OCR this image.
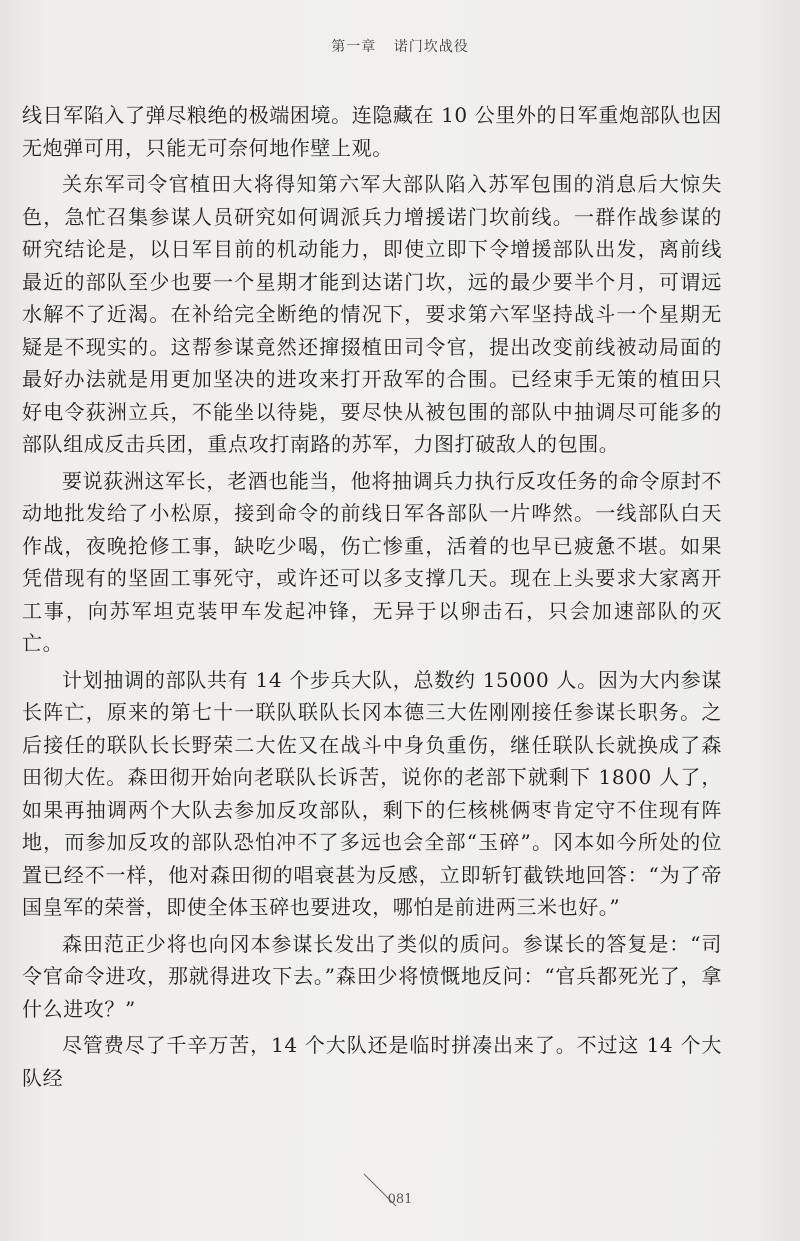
第一章 诺门坎战役

线日军陷入了弹尽粮绝的极端困境。连隐藏在 10 公里外的日军重炮部队也因无炮弹可用，只能无可奈何地作壁上观。

关东军司令官植田大将得知第六军大部队陷入苏军包围的消息后大惊失色，急忙召集参谋人员研究如何调派兵力增援诺门坎前线。一群作战参谋的研究结论是，以日军目前的机动能力，即使立即下令增援部队出发，离前线最近的部队至少也要一个星期才能到达诺门坎，远的最少要半个月，可谓远水解不了近渴。在补给完全断绝的情况下，要求第六军坚持战斗一个星期无疑是不现实的。这帮参谋竟然还撺掇植田司令官，提出改变前线被动局面的最好办法就是用更加坚决的进攻来打开敌军的合围。已经束手无策的植田只好电令荻洲立兵，不能坐以待毙，要尽快从被包围的部队中抽调尽可能多的部队组成反击兵团，重点攻打南路的苏军，力图打破敌人的包围。

要说荻洲这军长，老酒也能当，他将抽调兵力执行反攻任务的命令原封不动地批发给了小松原，接到命令的前线日军各部队一片哗然。一线部队白天作战，夜晚抢修工事，缺吃少喝，伤亡惨重，活着的也早已疲惫不堪。如果凭借现有的坚固工事死守，或许还可以多支撑几天。现在上头要求大家离开工事，向苏军坦克装甲车发起冲锋，无异于以卵击石，只会加速部队的灭亡。

计划抽调的部队共有 14 个步兵大队，总数约 15000 人。因为大内参谋长阵亡，原来的第七十一联队联队长冈本德三大佐刚刚接任参谋长职务。之后接任的联队长长野荣二大佐又在战斗中身负重伤，继任联队长就换成了森田彻大佐。森田彻开始向老联队长诉苦，说你的老部下就剩下 1800 人了，如果再抽调两个大队去参加反攻部队，剩下的仨核桃俩枣肯定守不住现有阵地，而参加反攻的部队恐怕冲不了多远也会全部“玉碎”。冈本如今所处的位置已经不一样，他对森田彻的唱衰甚为反感，立即斩钉截铁地回答：“为了帝国皇军的荣誉，即使全体玉碎也要进攻，哪怕是前进两三米也好。”

森田范正少将也向冈本参谋长发出了类似的质问。参谋长的答复是：“司令官命令进攻，那就得进攻下去。”森田少将愤慨地反问：“官兵都死光了，拿什么进攻？”

尽管费尽了千辛万苦，14 个大队还是临时拼凑出来了。不过这 14 个大队经

081
